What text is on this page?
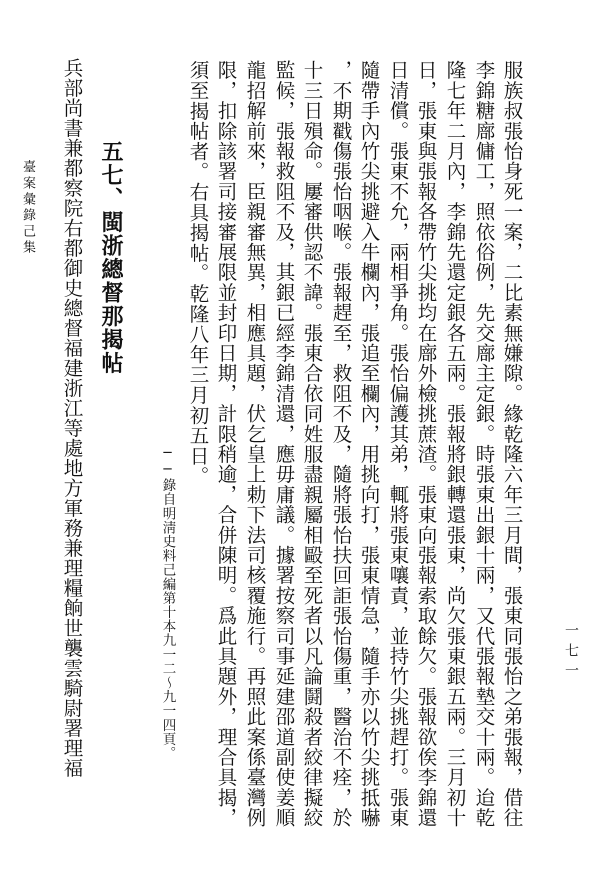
一七一
服族叔張怡身死一案，二比素無嫌隙。緣乾隆六年三月間，張東同張怡之弟張報，借往
李錦糖廍傭工，照依俗例，先交廍主定銀。時張東出銀十兩，又代張報墊交十兩。迨乾
隆七年二月內，李錦先還定銀各五兩。張報將銀轉還張東，尚欠張東銀五兩。三月初十
日，張東與張報各帶竹尖挑均在廍外檢挑蔗渣。張東向張報索取餘欠。張報欲俟李錦還
日清償。張東不允，兩相爭角。張怡偏護其弟，輒將張東嚷責，並持竹尖挑趕打。張東
隨帶手內竹尖挑避入牛欄內，張追至欄內，用挑向打，張東情急，隨手亦以竹尖挑抵嚇
，不期戳傷張怡咽喉。張報趕至，救阻不及，隨將張怡扶回詎張怡傷重，醫治不痊，於
十三日殞命。屢審供認不諱。張東合依同姓服盡親屬相毆至死者以凡論鬪殺者絞律擬絞
監候，張報救阻不及，其銀已經李錦清還，應毋庸議。據署按察司事延建邵道副使姜順
龍招解前來，臣親審無異，相應具題，伏乞皇上勅下法司核覆施行。再照此案係臺灣例
限，扣除該署司接審展限並封印日期，計限稍逾，合併陳明。爲此具題外，理合具揭，
須至揭帖者。右具揭帖。乾隆八年三月初五日。
──錄自明淸史料己編第十本九一二～九一四頁。
五七、閩浙總督那揭帖
兵部尚書兼都察院右都御史總督福建浙江等處地方軍務兼理糧餉世襲雲騎尉署理福
臺案彙錄己集
